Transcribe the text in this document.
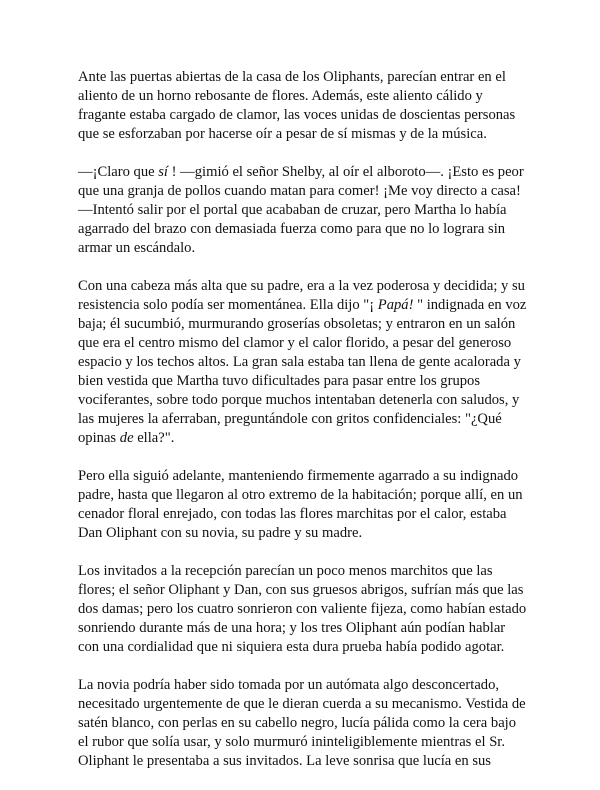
Ante las puertas abiertas de la casa de los Oliphants, parecían entrar en el aliento de un horno rebosante de flores. Además, este aliento cálido y fragante estaba cargado de clamor, las voces unidas de doscientas personas que se esforzaban por hacerse oír a pesar de sí mismas y de la música.

—¡Claro que sí ! —gimió el señor Shelby, al oír el alboroto—. ¡Esto es peor que una granja de pollos cuando matan para comer! ¡Me voy directo a casa! —Intentó salir por el portal que acababan de cruzar, pero Martha lo había agarrado del brazo con demasiada fuerza como para que no lo lograra sin armar un escándalo.

Con una cabeza más alta que su padre, era a la vez poderosa y decidida; y su resistencia solo podía ser momentánea. Ella dijo "¡ Papá! " indignada en voz baja; él sucumbió, murmurando groserías obsoletas; y entraron en un salón que era el centro mismo del clamor y el calor florido, a pesar del generoso espacio y los techos altos. La gran sala estaba tan llena de gente acalorada y bien vestida que Martha tuvo dificultades para pasar entre los grupos vociferantes, sobre todo porque muchos intentaban detenerla con saludos, y las mujeres la aferraban, preguntándole con gritos confidenciales: "¿Qué opinas de ella?".

Pero ella siguió adelante, manteniendo firmemente agarrado a su indignado padre, hasta que llegaron al otro extremo de la habitación; porque allí, en un cenador floral enrejado, con todas las flores marchitas por el calor, estaba Dan Oliphant con su novia, su padre y su madre.

Los invitados a la recepción parecían un poco menos marchitos que las flores; el señor Oliphant y Dan, con sus gruesos abrigos, sufrían más que las dos damas; pero los cuatro sonrieron con valiente fijeza, como habían estado sonriendo durante más de una hora; y los tres Oliphant aún podían hablar con una cordialidad que ni siquiera esta dura prueba había podido agotar.

La novia podría haber sido tomada por un autómata algo desconcertado, necesitado urgentemente de que le dieran cuerda a su mecanismo. Vestida de satén blanco, con perlas en su cabello negro, lucía pálida como la cera bajo el rubor que solía usar, y solo murmuró ininteligiblemente mientras el Sr. Oliphant le presentaba a sus invitados. La leve sonrisa que lucía en sus
